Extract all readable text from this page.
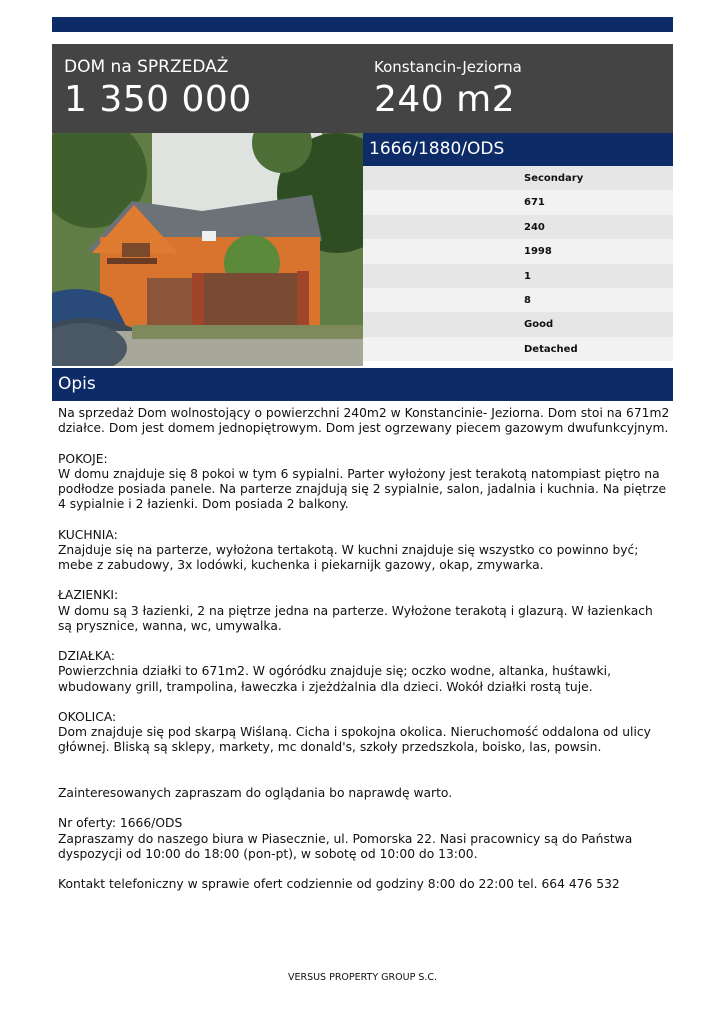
DOM na SPRZEDAŻ
1 350 000
Konstancin-Jeziorna
240 m2
1666/1880/ODS
Secondary
671
240
1998
1
8
Good
Detached
Opis

Na sprzedaż Dom wolnostojący o powierzchni 240m2 w Konstancinie- Jeziorna. Dom stoi na 671m2 działce. Dom jest domem jednopiętrowym. Dom jest ogrzewany piecem gazowym dwufunkcyjnym.

POKOJE:

W domu znajduje się 8 pokoi w tym 6 sypialni. Parter wyłożony jest terakotą natompiast piętro na podłodze posiada panele. Na parterze znajdują się 2 sypialnie, salon, jadalnia i kuchnia. Na piętrze 4 sypialnie i 2 łazienki. Dom posiada 2 balkony.

KUCHNIA:

Znajduje się na parterze, wyłożona tertakotą. W kuchni znajduje się wszystko co powinno być; mebe z zabudowy, 3x lodówki, kuchenka i piekarnijk gazowy, okap, zmywarka.

ŁAZIENKI:

W domu są 3 łazienki, 2 na piętrze jedna na parterze. Wyłożone terakotą i glazurą. W łazienkach są prysznice, wanna, wc, umywalka.

DZIAŁKA:

Powierzchnia działki to 671m2. W ogóródku znajduje się; oczko wodne, altanka, huśtawki, wbudowany grill, trampolina, ławeczka i zjeżdżalnia dla dzieci. Wokół działki rostą tuje.

OKOLICA:

Dom znajduje się pod skarpą Wiślaną. Cicha i spokojna okolica. Nieruchomość oddalona od ulicy głównej. Bliską są sklepy, markety, mc donald's, szkoły przedszkola, boisko, las, powsin.

Zainteresowanych zapraszam do oglądania bo naprawdę warto.

Nr oferty: 1666/ODS

Zapraszamy do naszego biura w Piasecznie, ul. Pomorska 22. Nasi pracownicy są do Państwa dyspozycji od 10:00 do 18:00 (pon-pt), w sobotę od 10:00 do 13:00.

Kontakt telefoniczny w sprawie ofert codziennie od godziny 8:00 do 22:00 tel. 664 476 532

VERSUS PROPERTY GROUP S.C.
